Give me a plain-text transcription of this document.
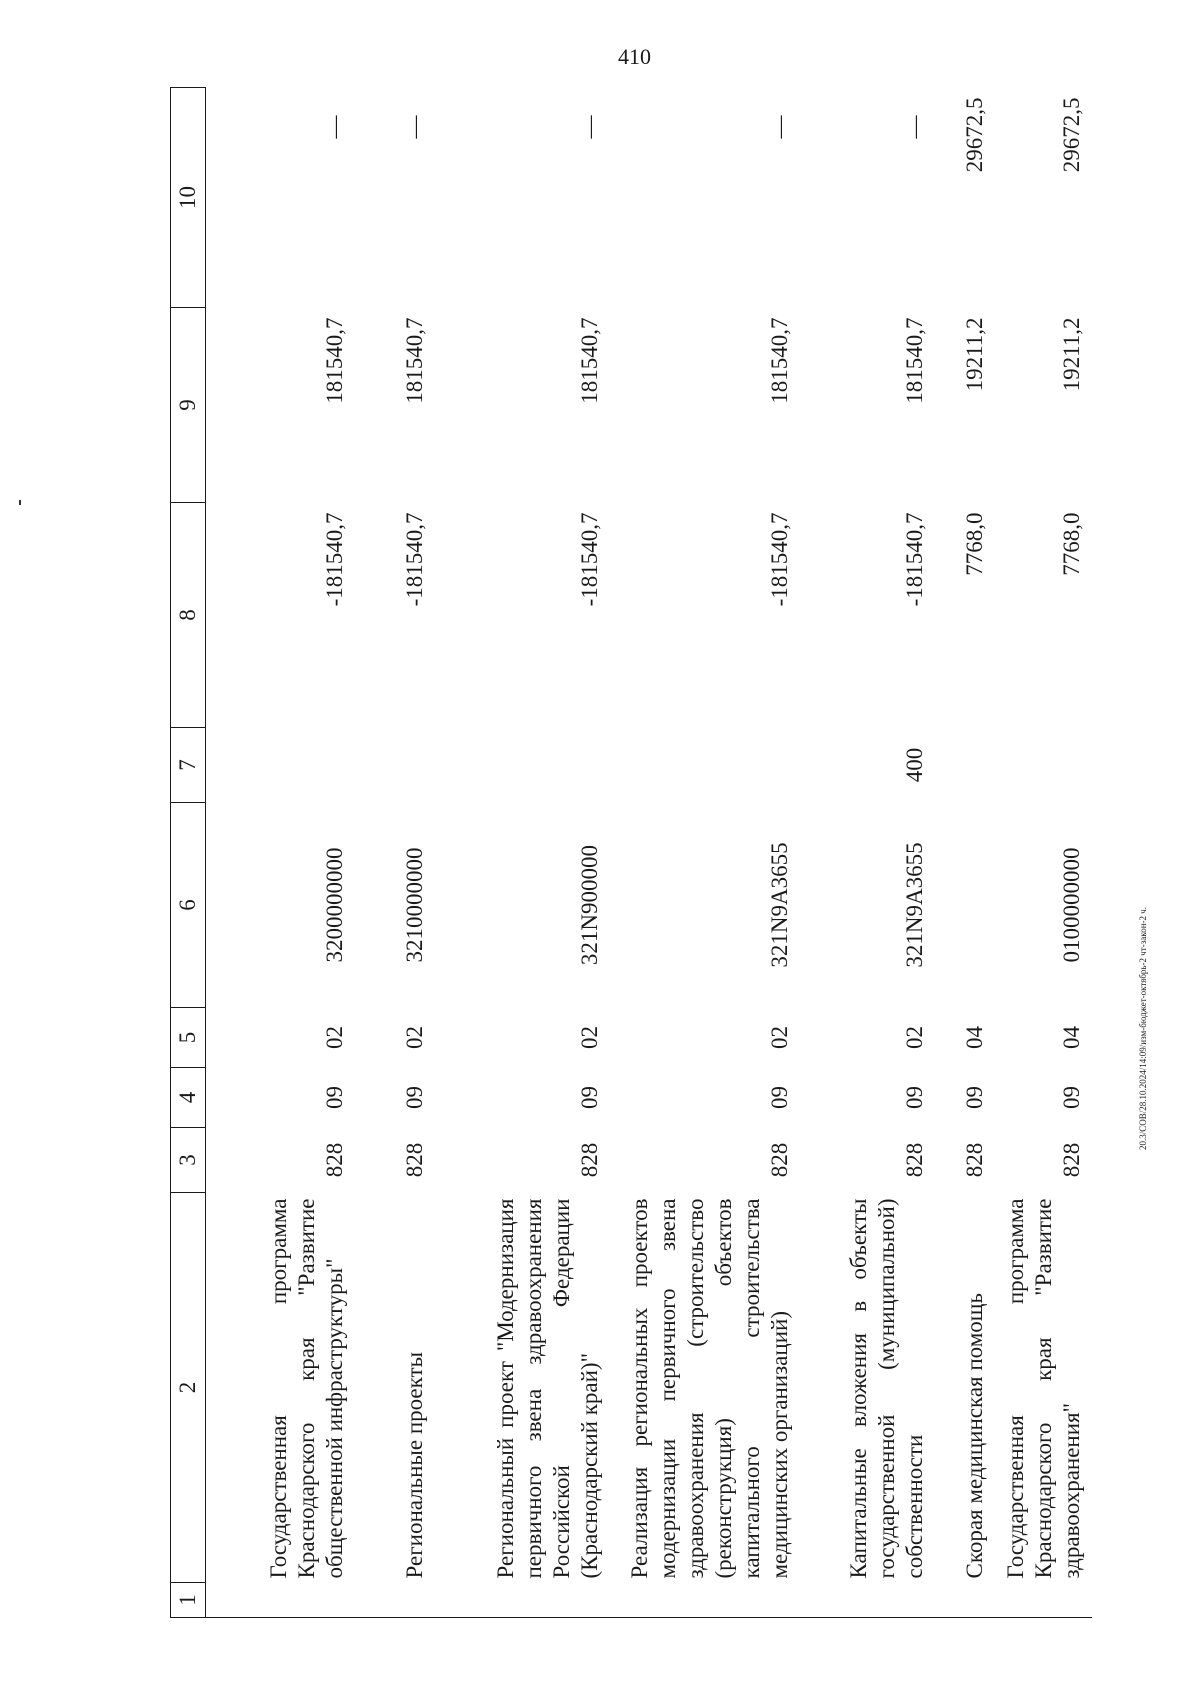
410
20.3/СОВ/28.10.2024/14:09/изм-бюджет-октябрь-2 чт-закон-2 ч.
1	2	3	4	5	6	7	8	9	10
	Государственная программа Краснодарского края "Развитие общественной инфраструктуры"	828	09	02	3200000000		-181540,7	181540,7	—
	Региональные проекты	828	09	02	3210000000		-181540,7	181540,7	—
	Региональный проект "Модернизация первичного звена здравоохранения Российской Федерации (Краснодарский край)"	828	09	02	321N900000		-181540,7	181540,7	—
	Реализация региональных проектов модернизации первичного звена здравоохранения (строительство (реконструкция) объектов капитального строительства медицинских организаций)	828	09	02	321N9A3655		-181540,7	181540,7	—
	Капитальные вложения в объекты государственной (муниципальной) собственности	828	09	02	321N9A3655	400	-181540,7	181540,7	—
	Скорая медицинская помощь	828	09	04			7768,0	19211,2	29672,5
	Государственная программа Краснодарского края "Развитие здравоохранения"	828	09	04	0100000000		7768,0	19211,2	29672,5
